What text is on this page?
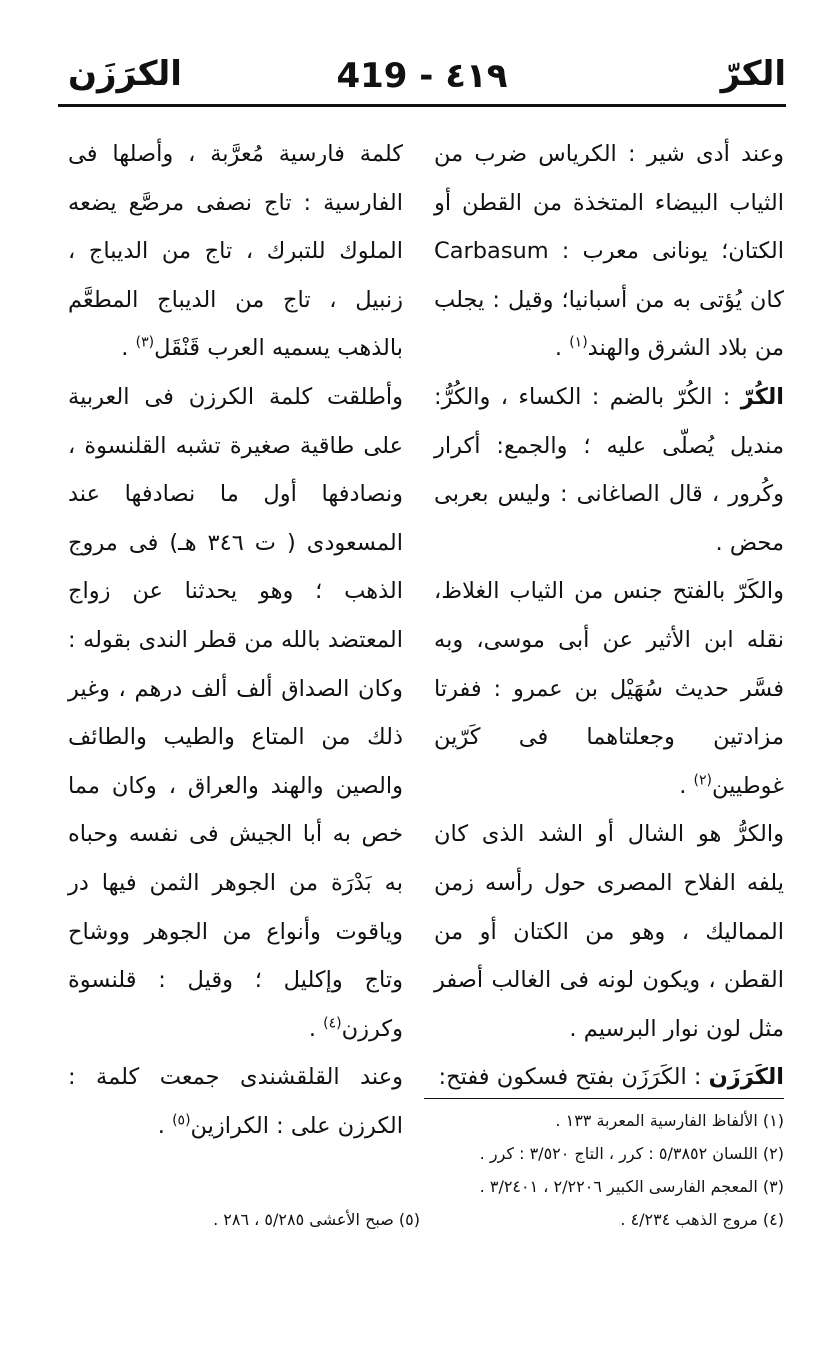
الكرّ
419 - ٤١٩
الكرَزَن

وعند أدى شير : الكرياس ضرب من الثياب البيضاء المتخذة من القطن أو الكتان؛ يونانى معرب : Carbasum كان يُؤتى به من أسبانيا؛ وقيل : يجلب من بلاد الشرق والهند$^{(١)}$ .

الكُرّ : الكُرّ بالضم : الكساء ، والكُرُّ: منديل يُصلّى عليه ؛ والجمع: أكرار وكُرور ، قال الصاغانى : وليس بعربى محض .

والكَرّ بالفتح جنس من الثياب الغلاظ، نقله ابن الأثير عن أبى موسى، وبه فسَّر حديث سُهَيْل بن عمرو : ففرتا مزادتين وجعلتاهما فى كَرّين غوطيين$^{(٢)}$ .

والكرُّ هو الشال أو الشد الذى كان يلفه الفلاح المصرى حول رأسه زمن المماليك ، وهو من الكتان أو من القطن ، ويكون لونه فى الغالب أصفر مثل لون نوار البرسيم .

الكَرَزَن : الكَرَزَن بفتح فسكون ففتح:

كلمة فارسية مُعرَّبة ، وأصلها فى الفارسية : تاج نصفى مرصَّع يضعه الملوك للتبرك ، تاج من الديباج ، زنبيل ، تاج من الديباج المطعَّم بالذهب يسميه العرب قَنْقَل$^{(٣)}$ .

وأطلقت كلمة الكرزن فى العربية على طاقية صغيرة تشبه القلنسوة ، ونصادفها أول ما نصادفها عند المسعودى ( ت ٣٤٦ هـ) فى مروج الذهب ؛ وهو يحدثنا عن زواج المعتضد بالله من قطر الندى بقوله : وكان الصداق ألف ألف درهم ، وغير ذلك من المتاع والطيب والطائف والصين والهند والعراق ، وكان مما خص به أبا الجيش فى نفسه وحباه به بَدْرَة من الجوهر الثمن فيها در وياقوت وأنواع من الجوهر ووشاح وتاج وإكليل ؛ وقيل : قلنسوة وكرزن$^{(٤)}$ .

وعند القلقشندى جمعت كلمة : الكرزن على : الكرازين$^{(٥)}$ .	(١) الألفاظ الفارسية المعربة ١٣٣ .
(٢) اللسان ٥/٣٨٥٢ : كرر ، التاج ٣/٥٢٠ : كرر .
(٣) المعجم الفارسى الكبير ٢/٢٢٠٦ ، ٣/٢٤٠١ .
(٤) مروج الذهب ٤/٢٣٤ .
(٥) صبح الأعشى ٥/٢٨٥ ، ٢٨٦ .
